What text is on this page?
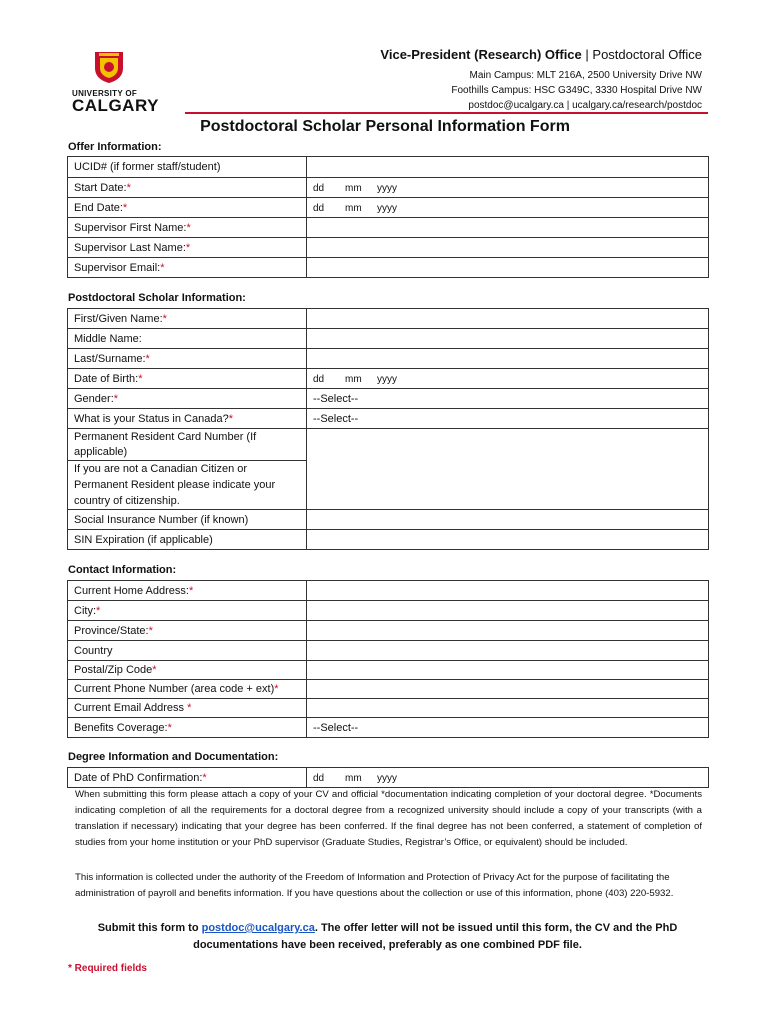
UNIVERSITY OF
CALGARY
Vice-President (Research) Office | Postdoctoral Office
Main Campus: MLT 216A, 2500 University Drive NW
Foothills Campus: HSC G349C, 3330 Hospital Drive NW
postdoc@ucalgary.ca | ucalgary.ca/research/postdoc
Postdoctoral Scholar Personal Information Form
Offer Information:
UCID# (if former staff/student)	
Start Date:*	dd mm yyyy
End Date:*	dd mm yyyy
Supervisor First Name:*	
Supervisor Last Name:*	
Supervisor Email:*	
Postdoctoral Scholar Information:
First/Given Name:*	
Middle Name:	
Last/Surname:*	
Date of Birth:*	dd mm yyyy
Gender:*	--Select--
What is your Status in Canada?*	--Select--
Permanent Resident Card Number (If applicable)	
If you are not a Canadian Citizen or Permanent Resident please indicate your country of citizenship.	
Social Insurance Number (if known)	
SIN Expiration (if applicable)	
Contact Information:
Current Home Address:*	
City:*	
Province/State:*	
Country	
Postal/Zip Code*	
Current Phone Number (area code + ext)*	
Current Email Address *	
Benefits Coverage:*	--Select--
Degree Information and Documentation:
Date of PhD Confirmation:*	dd mm yyyy
When submitting this form please attach a copy of your CV and official *documentation indicating completion of your doctoral degree. *Documents indicating completion of all the requirements for a doctoral degree from a recognized university should include a copy of your transcripts (with a translation if necessary) indicating that your degree has been conferred. If the final degree has not been conferred, a statement of completion of studies from your home institution or your PhD supervisor (Graduate Studies, Registrar’s Office, or equivalent) should be included.
This information is collected under the authority of the Freedom of Information and Protection of Privacy Act for the purpose of facilitating the administration of payroll and benefits information. If you have questions about the collection or use of this information, phone (403) 220-5932.
Submit this form to postdoc@ucalgary.ca. The offer letter will not be issued until this form, the CV and the PhD documentations have been received, preferably as one combined PDF file.
* Required fields
